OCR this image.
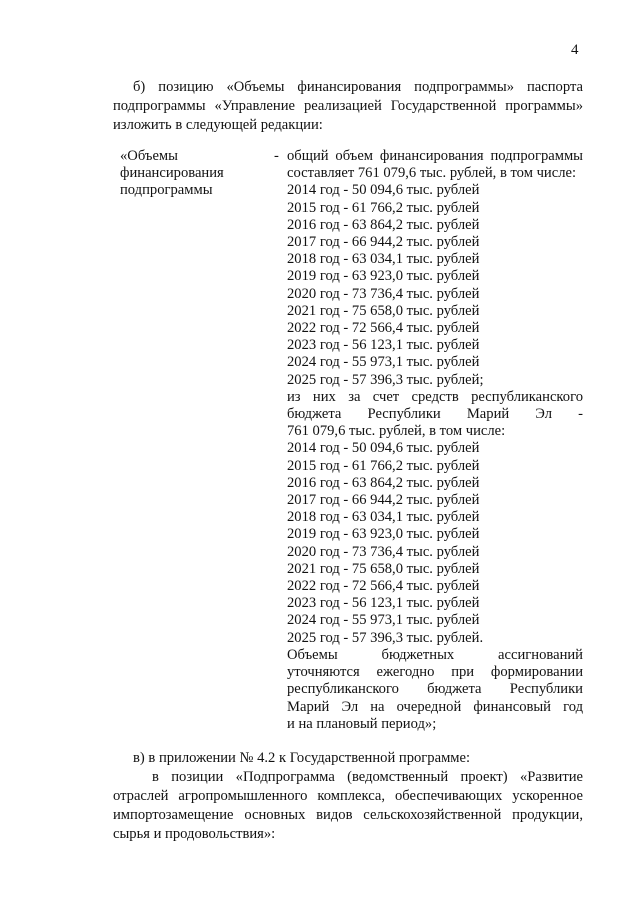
4
б) позицию «Объемы финансирования подпрограммы» паспорта
подпрограммы «Управление реализацией Государственной программы»
изложить в следующей редакции:
«Объемы
финансирования
подпрограммы
- общий объем финансирования подпрограммы
составляет 761 079,6 тыс. рублей, в том числе:
2014 год - 50 094,6 тыс. рублей
2015 год - 61 766,2 тыс. рублей
2016 год - 63 864,2 тыс. рублей
2017 год - 66 944,2 тыс. рублей
2018 год - 63 034,1 тыс. рублей
2019 год - 63 923,0 тыс. рублей
2020 год - 73 736,4 тыс. рублей
2021 год - 75 658,0 тыс. рублей
2022 год - 72 566,4 тыс. рублей
2023 год - 56 123,1 тыс. рублей
2024 год - 55 973,1 тыс. рублей
2025 год - 57 396,3 тыс. рублей;
из них за счет средств республиканского
бюджета Республики Марий Эл -
761 079,6 тыс. рублей, в том числе:
2014 год - 50 094,6 тыс. рублей
2015 год - 61 766,2 тыс. рублей
2016 год - 63 864,2 тыс. рублей
2017 год - 66 944,2 тыс. рублей
2018 год - 63 034,1 тыс. рублей
2019 год - 63 923,0 тыс. рублей
2020 год - 73 736,4 тыс. рублей
2021 год - 75 658,0 тыс. рублей
2022 год - 72 566,4 тыс. рублей
2023 год - 56 123,1 тыс. рублей
2024 год - 55 973,1 тыс. рублей
2025 год - 57 396,3 тыс. рублей.
Объемы бюджетных ассигнований
уточняются ежегодно при формировании
республиканского бюджета Республики
Марий Эл на очередной финансовый год
и на плановый период»;
в) в приложении № 4.2 к Государственной программе:
в позиции «Подпрограмма (ведомственный проект) «Развитие
отраслей агропромышленного комплекса, обеспечивающих ускоренное
импортозамещение основных видов сельскохозяйственной продукции,
сырья и продовольствия»:
